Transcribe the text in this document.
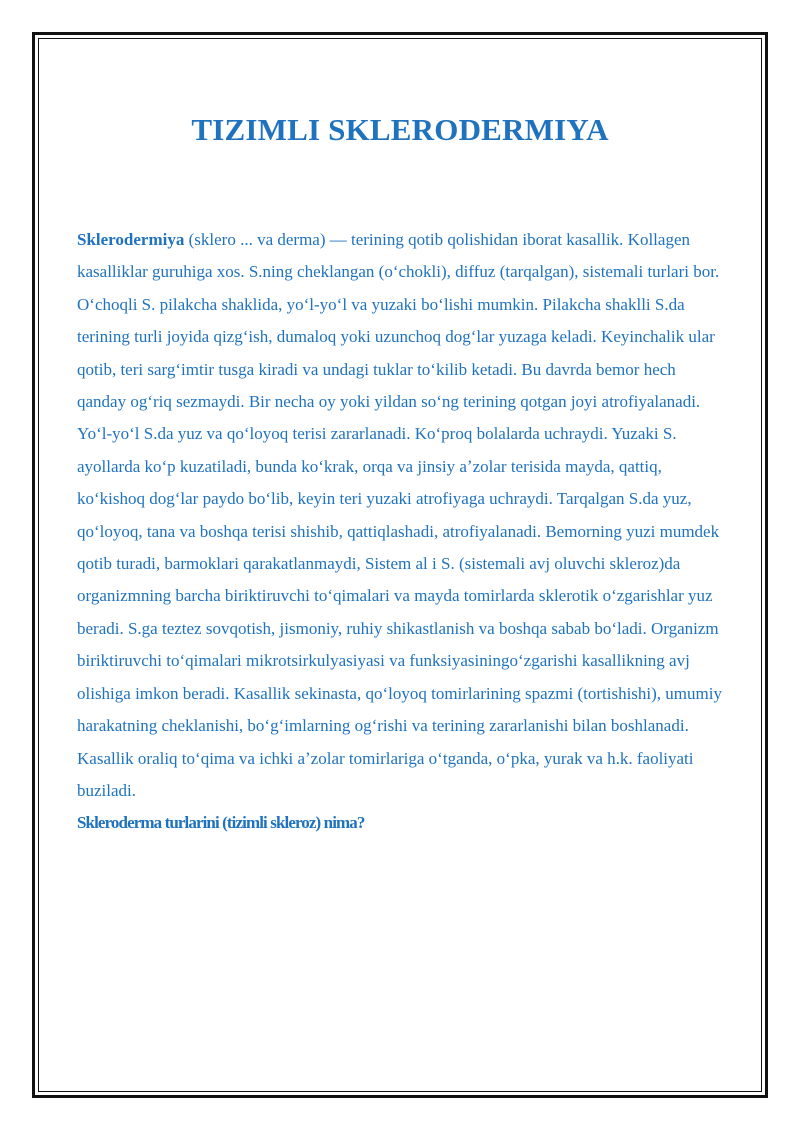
TIZIMLI SKLERODERMIYA

Sklerodermiya (sklero ... va derma) — terining qotib qolishidan iborat kasallik. Kollagen kasalliklar guruhiga xos. S.ning cheklangan (oʻchokli), diffuz (tarqalgan), sistemali turlari bor. Oʻchoqli S. pilakcha shaklida, yoʻl-yoʻl va yuzaki boʻlishi mumkin. Pilakcha shaklli S.da terining turli joyida qizgʻish, dumaloq yoki uzunchoq dogʻlar yuzaga keladi. Keyinchalik ular qotib, teri sargʻimtir tusga kiradi va undagi tuklar toʻkilib ketadi. Bu davrda bemor hech qanday ogʻriq sezmaydi. Bir necha oy yoki yildan soʻng terining qotgan joyi atrofiyalanadi. Yoʻl-yoʻl S.da yuz va qoʻloyoq terisi zararlanadi. Koʻproq bolalarda uchraydi. Yuzaki S. ayollarda koʻp kuzatiladi, bunda koʻkrak, orqa va jinsiy aʼzolar terisida mayda, qattiq, koʻkishoq dogʻlar paydo boʻlib, keyin teri yuzaki atrofiyaga uchraydi. Tarqalgan S.da yuz, qoʻloyoq, tana va boshqa terisi shishib, qattiqlashadi, atrofiyalanadi. Bemorning yuzi mumdek qotib turadi, barmoklari qarakatlanmaydi, Sistem al i S. (sistemali avj oluvchi skleroz)da organizmning barcha biriktiruvchi toʻqimalari va mayda tomirlarda sklerotik oʻzgarishlar yuz beradi. S.ga teztez sovqotish, jismoniy, ruhiy shikastlanish va boshqa sabab boʻladi. Organizm biriktiruvchi toʻqimalari mikrotsirkulyasiyasi va funksiyasiningoʻzgarishi kasallikning avj olishiga imkon beradi. Kasallik sekinasta, qoʻloyoq tomirlarining spazmi (tortishishi), umumiy harakatning cheklanishi, boʻgʻimlarning ogʻrishi va terining zararlanishi bilan boshlanadi. Kasallik oraliq toʻqima va ichki aʼzolar tomirlariga oʻtganda, oʻpka, yurak va h.k. faoliyati buziladi.

Skleroderma turlarini (tizimli skleroz) nima?
